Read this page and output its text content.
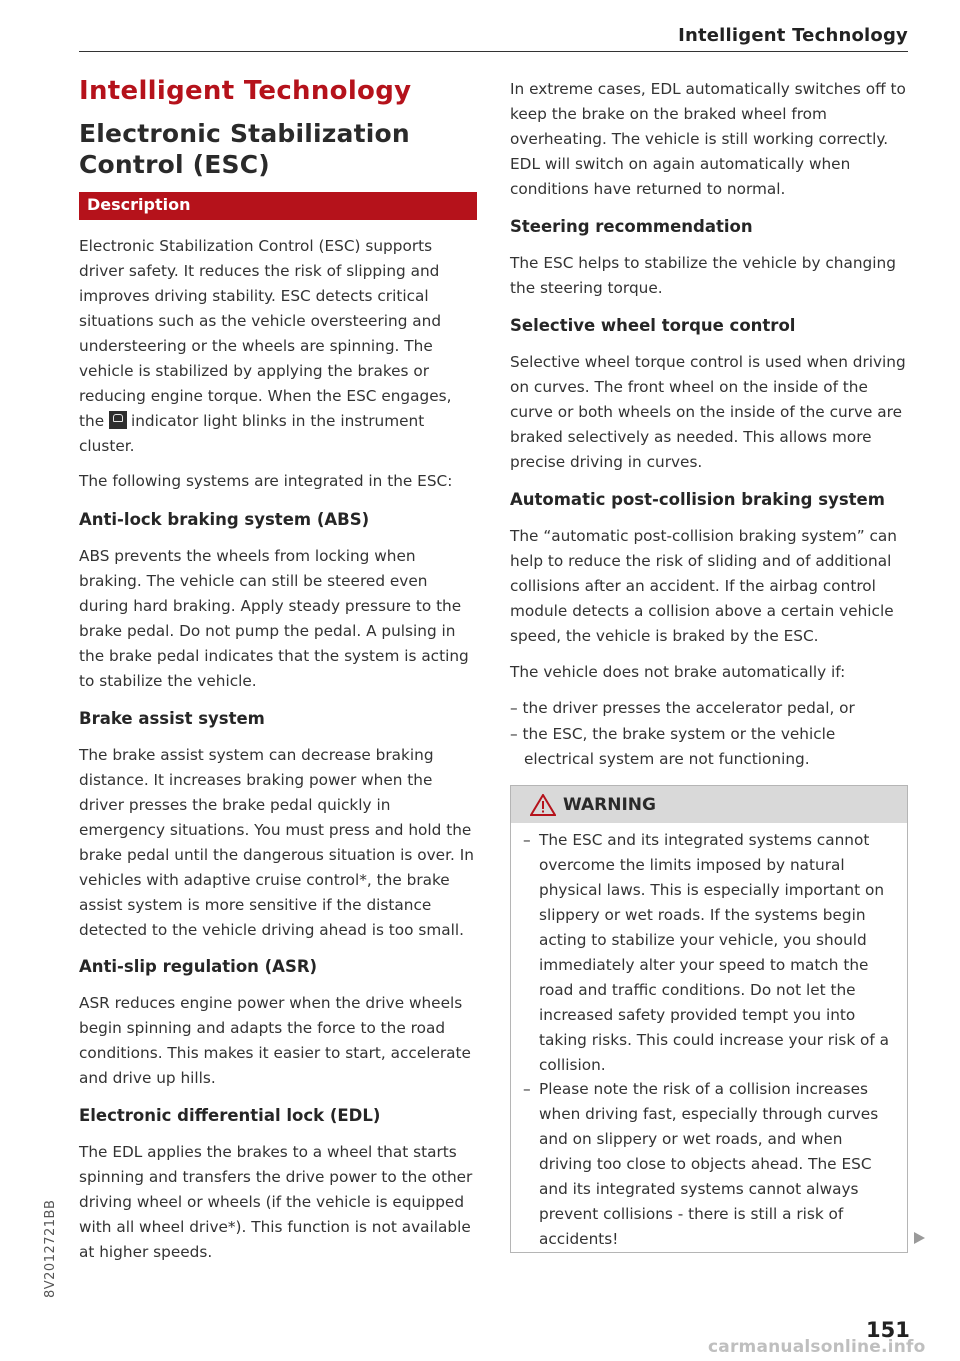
Intelligent Technology
Intelligent Technology
Electronic Stabilization
Control (ESC)
Description

Electronic Stabilization Control (ESC) supports driver safety. It reduces the risk of slipping and improves driving stability. ESC detects critical situations such as the vehicle oversteering and understeering or the wheels are spinning. The vehicle is stabilized by applying the brakes or reducing engine torque. When the ESC engages, the indicator light blinks in the instrument cluster.

The following systems are integrated in the ESC:

Anti-lock braking system (ABS)

ABS prevents the wheels from locking when braking. The vehicle can still be steered even during hard braking. Apply steady pressure to the brake pedal. Do not pump the pedal. A pulsing in the brake pedal indicates that the system is acting to stabilize the vehicle.

Brake assist system

The brake assist system can decrease braking distance. It increases braking power when the driver presses the brake pedal quickly in emergency situations. You must press and hold the brake pedal until the dangerous situation is over. In vehicles with adaptive cruise control*, the brake assist system is more sensitive if the distance detected to the vehicle driving ahead is too small.

Anti-slip regulation (ASR)

ASR reduces engine power when the drive wheels begin spinning and adapts the force to the road conditions. This makes it easier to start, accelerate and drive up hills.

Electronic differential lock (EDL)

The EDL applies the brakes to a wheel that starts spinning and transfers the drive power to the other driving wheel or wheels (if the vehicle is equipped with all wheel drive*). This function is not available at higher speeds.

In extreme cases, EDL automatically switches off to keep the brake on the braked wheel from overheating. The vehicle is still working correctly. EDL will switch on again automatically when conditions have returned to normal.

Steering recommendation

The ESC helps to stabilize the vehicle by changing the steering torque.

Selective wheel torque control

Selective wheel torque control is used when driving on curves. The front wheel on the inside of the curve or both wheels on the inside of the curve are braked selectively as needed. This allows more precise driving in curves.

Automatic post-collision braking system

The “automatic post-collision braking system” can help to reduce the risk of sliding and of additional collisions after an accident. If the airbag control module detects a collision above a certain vehicle speed, the vehicle is braked by the ESC.

The vehicle does not brake automatically if:

– the driver presses the accelerator pedal, or
– the ESC, the brake system or the vehicle electrical system are not functioning.
WARNING
– The ESC and its integrated systems cannot overcome the limits imposed by natural physical laws. This is especially important on slippery or wet roads. If the systems begin acting to stabilize your vehicle, you should immediately alter your speed to match the road and traffic conditions. Do not let the increased safety provided tempt you into taking risks. This could increase your risk of a collision.
– Please note the risk of a collision increases when driving fast, especially through curves and on slippery or wet roads, and when driving too close to objects ahead. The ESC and its integrated systems cannot always prevent collisions - there is still a risk of accidents!
8V2012721BB
151
carmanualsonline.info
